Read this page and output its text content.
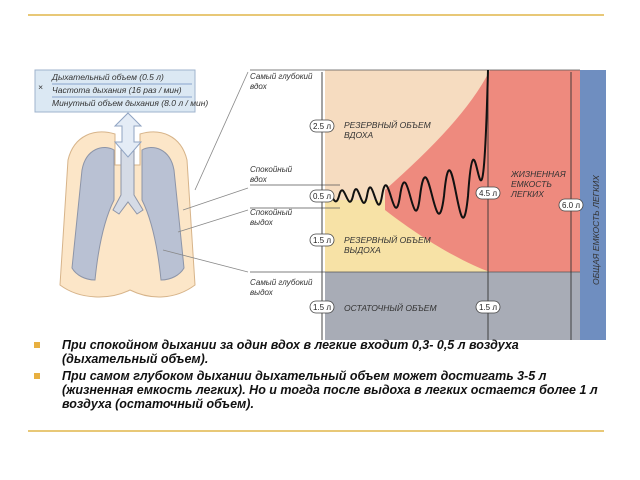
×
Дыхательный объем (0.5 л)
Частота дыхания (16 раз / мин)
Минутный объем дыхания (8.0 л / мин)
Самый глубокий вдох
Спокойный вдох
Спокойный выдох
Самый глубокий выдох
РЕЗЕРВНЫЙ ОБЪЕМ ВДОХА
РЕЗЕРВНЫЙ ОБЪЕМ ВЫДОХА
ОСТАТОЧНЫЙ ОБЪЕМ
ЖИЗНЕННАЯ ЕМКОСТЬ ЛЕГКИХ	ОБЩАЯ ЕМКОСТЬ ЛЕГКИХ
2.5 л
0.5 л
1.5 л
1.5 л
4.5 л
1.5 л
6.0 л
При спокойном дыхании за один вдох в легкие входит 0,3- 0,5 л воздуха (дыхательный объем).
При самом глубоком дыхании дыхательный объем может достигать 3-5 л (жизненная емкость легких). Но и тогда после выдоха в легких остается более 1 л воздуха (остаточный объем).
